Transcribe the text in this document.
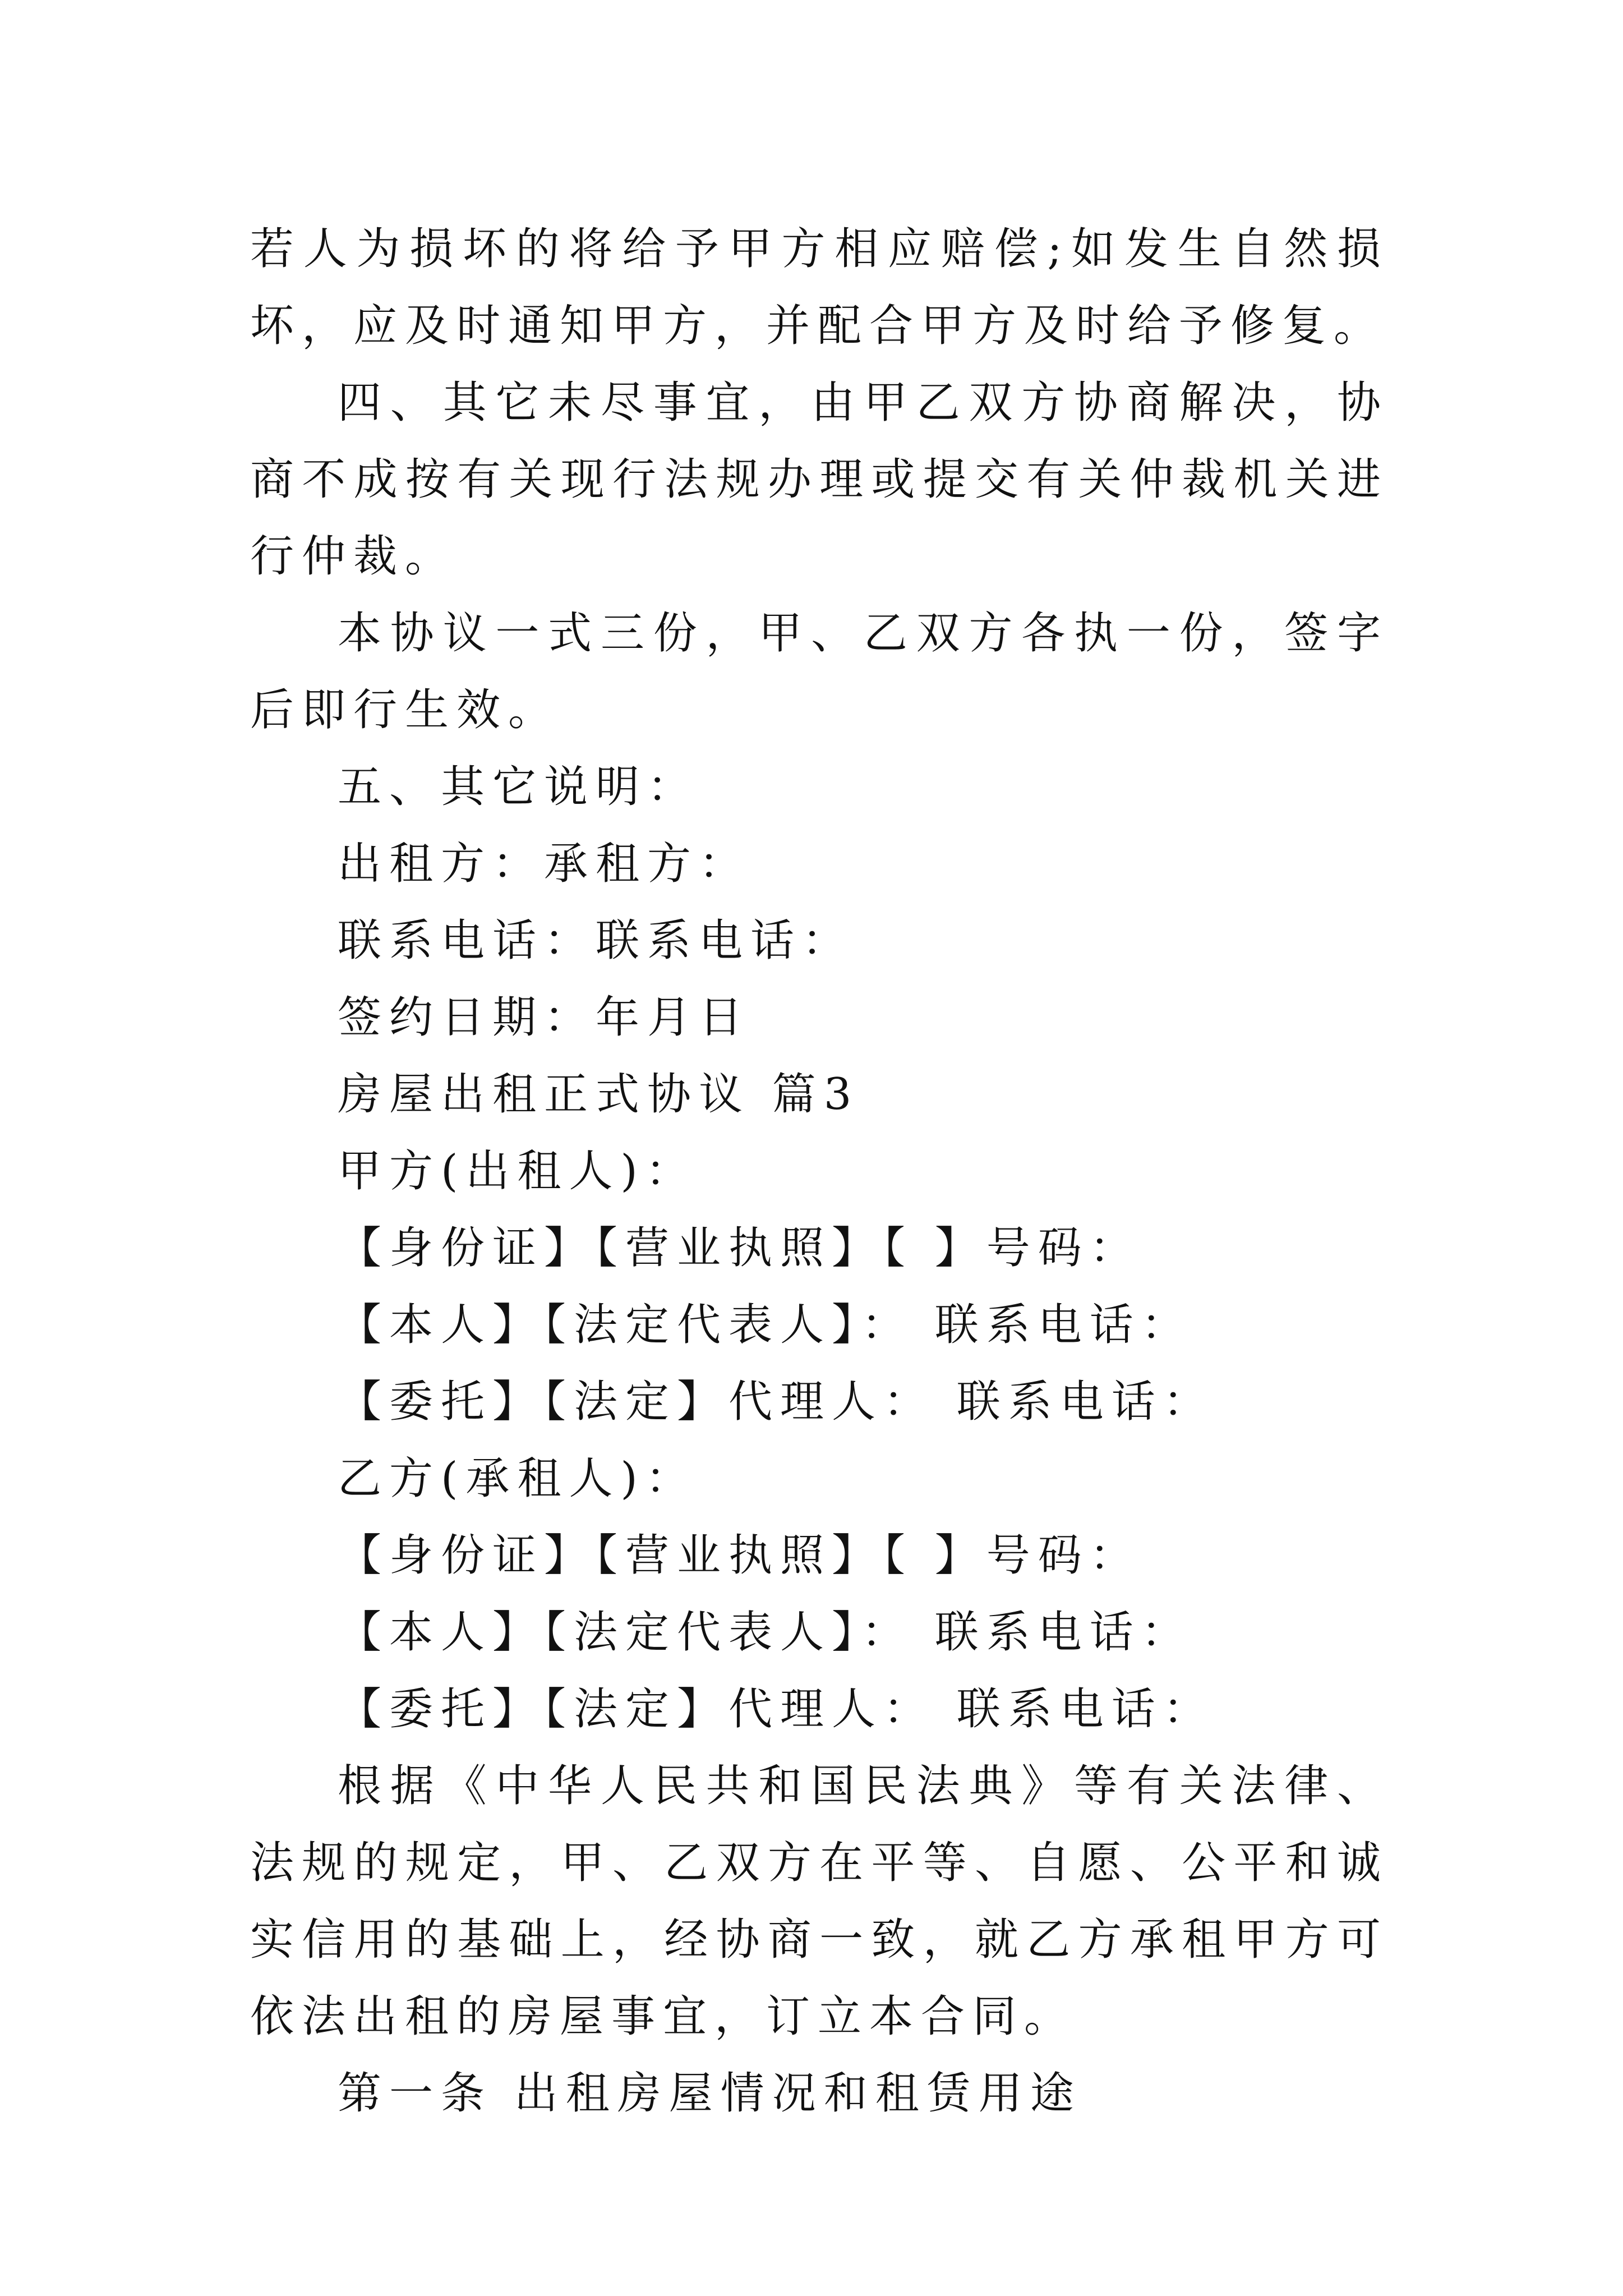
若人为损坏的将给予甲方相应赔偿;如发生自然损坏，应及时通知甲方，并配合甲方及时给予修复。

四、其它未尽事宜，由甲乙双方协商解决，协商不成按有关现行法规办理或提交有关仲裁机关进行仲裁。

本协议一式三份，甲、乙双方各执一份，签字后即行生效。

五、其它说明：

出租方：承租方：

联系电话：联系电话：

签约日期：年月日

房屋出租正式协议 篇3

甲方(出租人)：

【身份证】【营业执照】【 】号码：

【本人】【法定代表人】： 联系电话：

【委托】【法定】代理人： 联系电话：

乙方(承租人)：

【身份证】【营业执照】【 】号码：

【本人】【法定代表人】： 联系电话：

【委托】【法定】代理人： 联系电话：

根据《中华人民共和国民法典》等有关法律、法规的规定，甲、乙双方在平等、自愿、公平和诚实信用的基础上，经协商一致，就乙方承租甲方可依法出租的房屋事宜，订立本合同。

第一条 出租房屋情况和租赁用途
